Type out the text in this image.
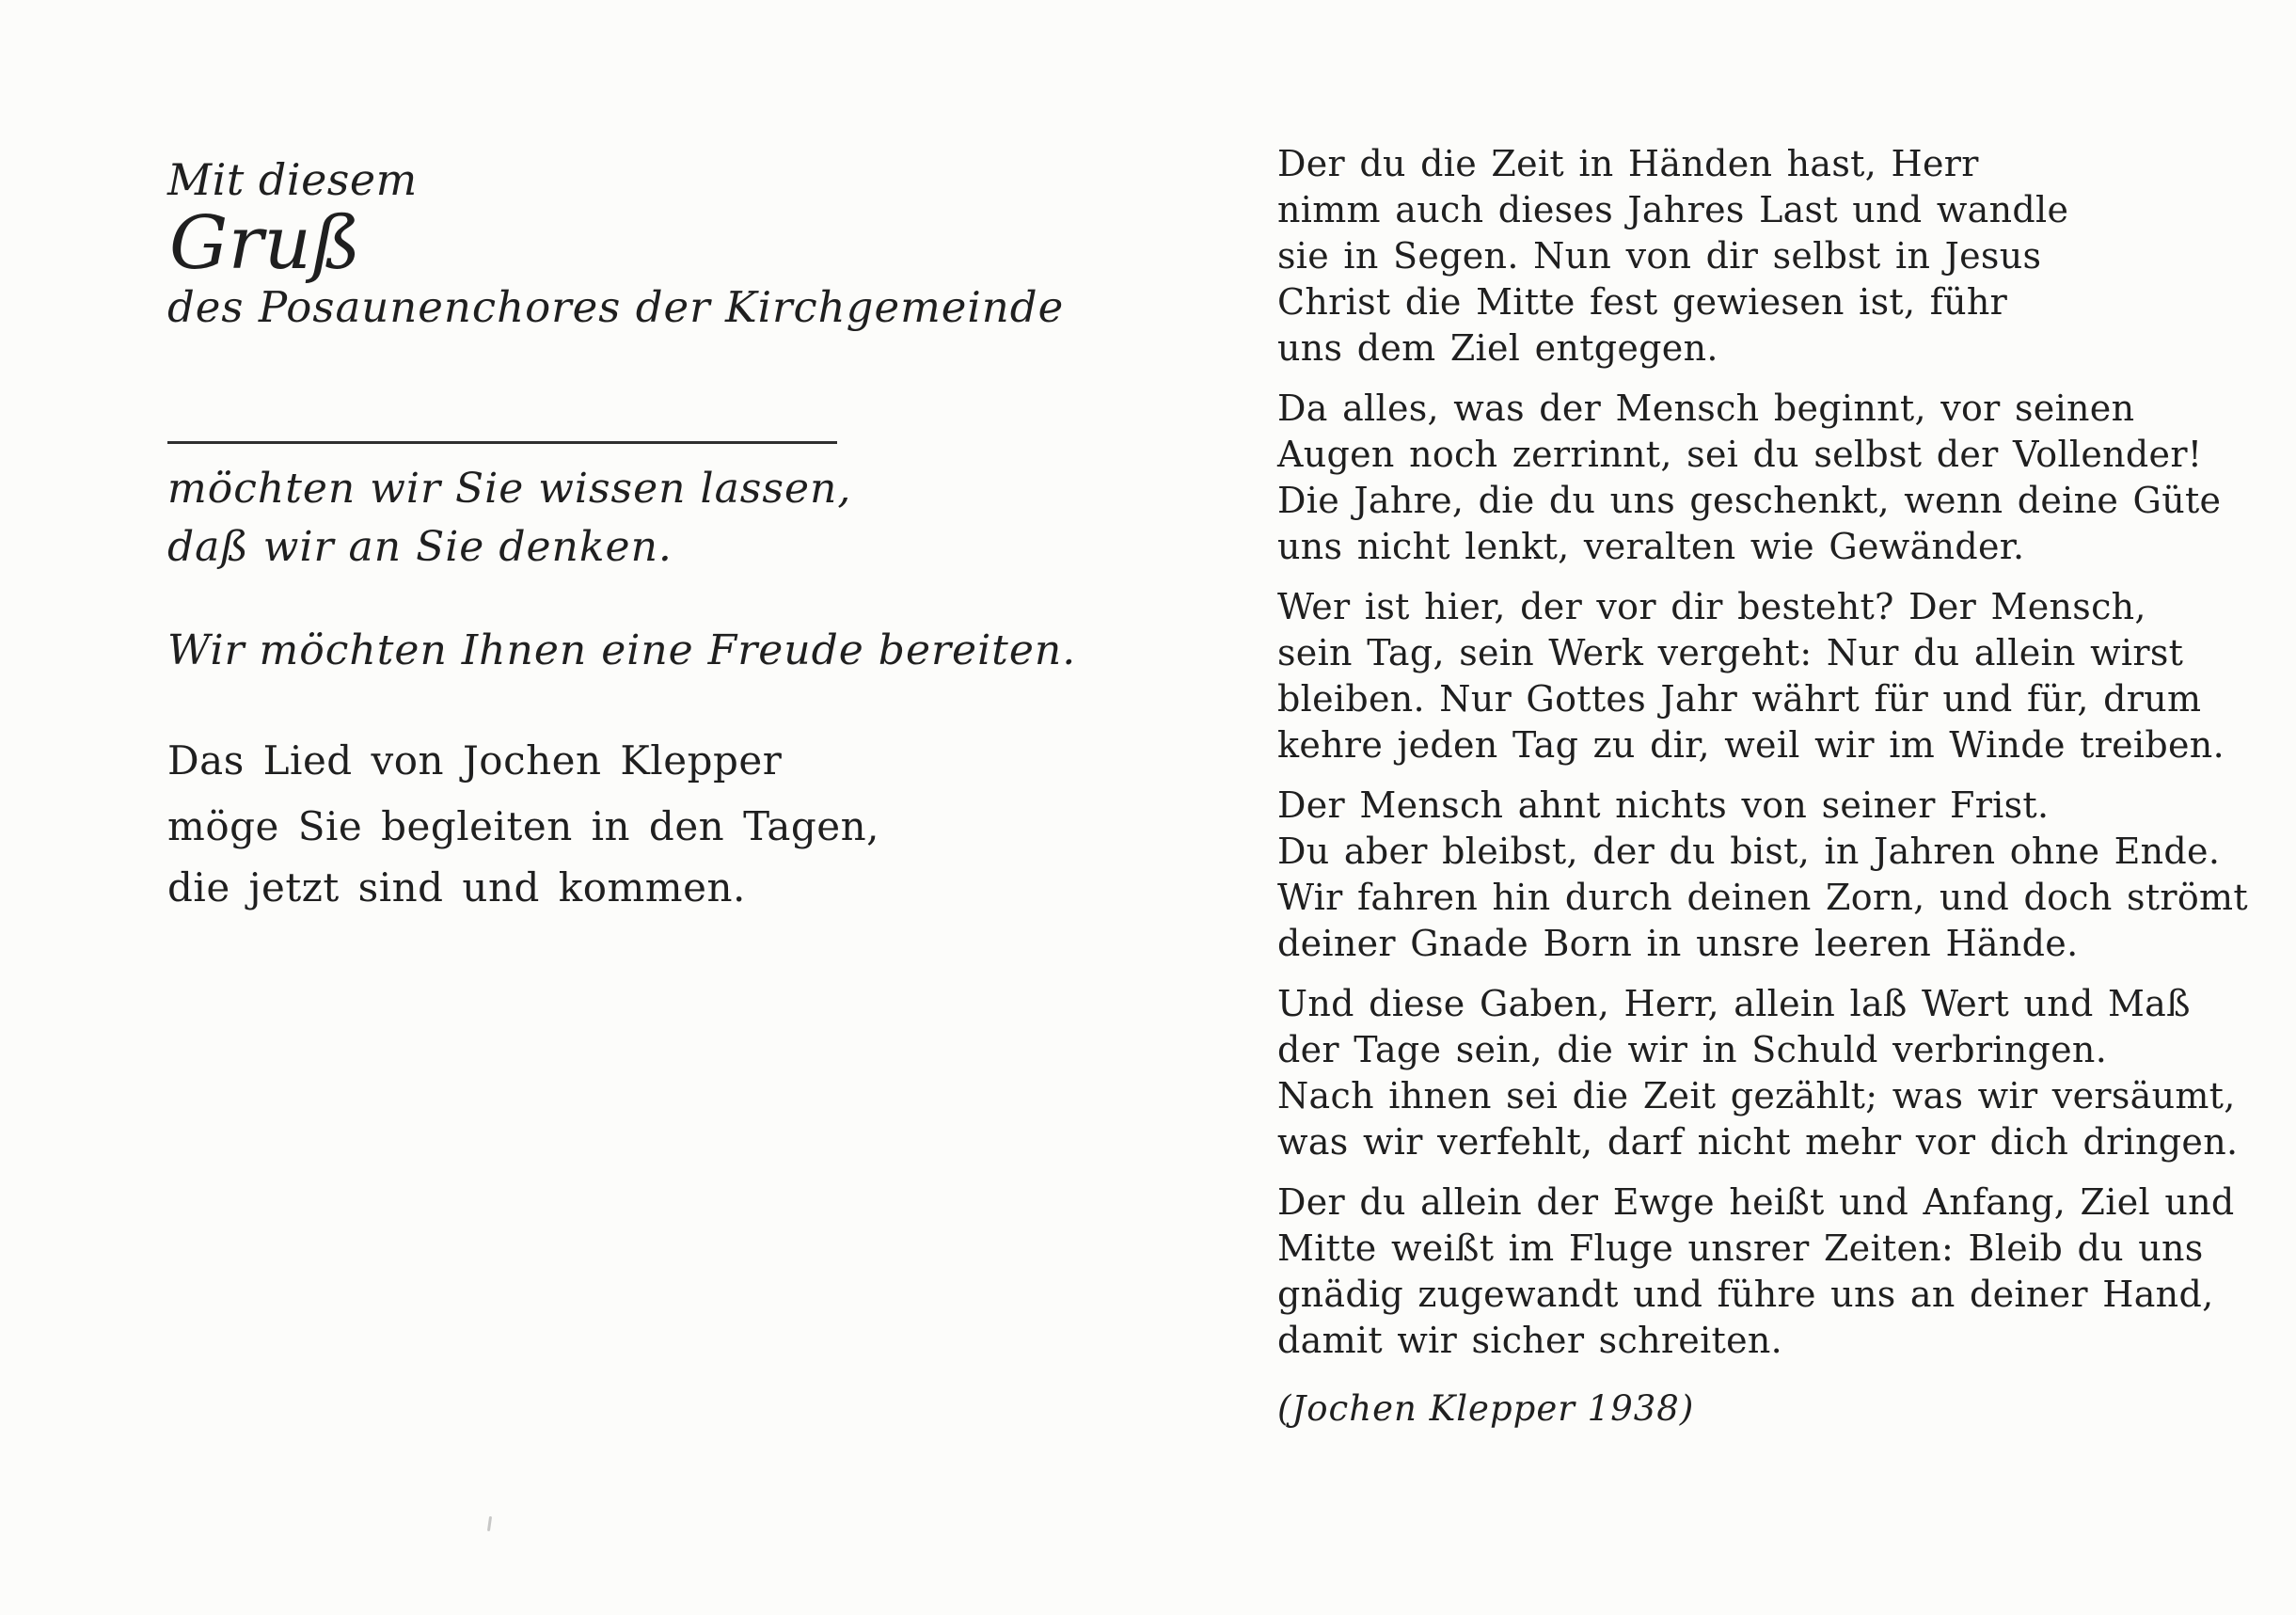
Mit diesem
Gruß
des Posaunenchores der Kirchgemeinde
möchten wir Sie wissen lassen,
daß wir an Sie denken.
Wir möchten Ihnen eine Freude bereiten.
Das Lied von Jochen Klepper
möge Sie begleiten in den Tagen,
die jetzt sind und kommen.
Der du die Zeit in Händen hast, Herr
nimm auch dieses Jahres Last und wandle
sie in Segen. Nun von dir selbst in Jesus
Christ die Mitte fest gewiesen ist, führ
uns dem Ziel entgegen.
Da alles, was der Mensch beginnt, vor seinen
Augen noch zerrinnt, sei du selbst der Vollender!
Die Jahre, die du uns geschenkt, wenn deine Güte
uns nicht lenkt, veralten wie Gewänder.
Wer ist hier, der vor dir besteht? Der Mensch,
sein Tag, sein Werk vergeht: Nur du allein wirst
bleiben. Nur Gottes Jahr währt für und für, drum
kehre jeden Tag zu dir, weil wir im Winde treiben.
Der Mensch ahnt nichts von seiner Frist.
Du aber bleibst, der du bist, in Jahren ohne Ende.
Wir fahren hin durch deinen Zorn, und doch strömt
deiner Gnade Born in unsre leeren Hände.
Und diese Gaben, Herr, allein laß Wert und Maß
der Tage sein, die wir in Schuld verbringen.
Nach ihnen sei die Zeit gezählt; was wir versäumt,
was wir verfehlt, darf nicht mehr vor dich dringen.
Der du allein der Ewge heißt und Anfang, Ziel und
Mitte weißt im Fluge unsrer Zeiten: Bleib du uns
gnädig zugewandt und führe uns an deiner Hand,
damit wir sicher schreiten.
(Jochen Klepper 1938)
